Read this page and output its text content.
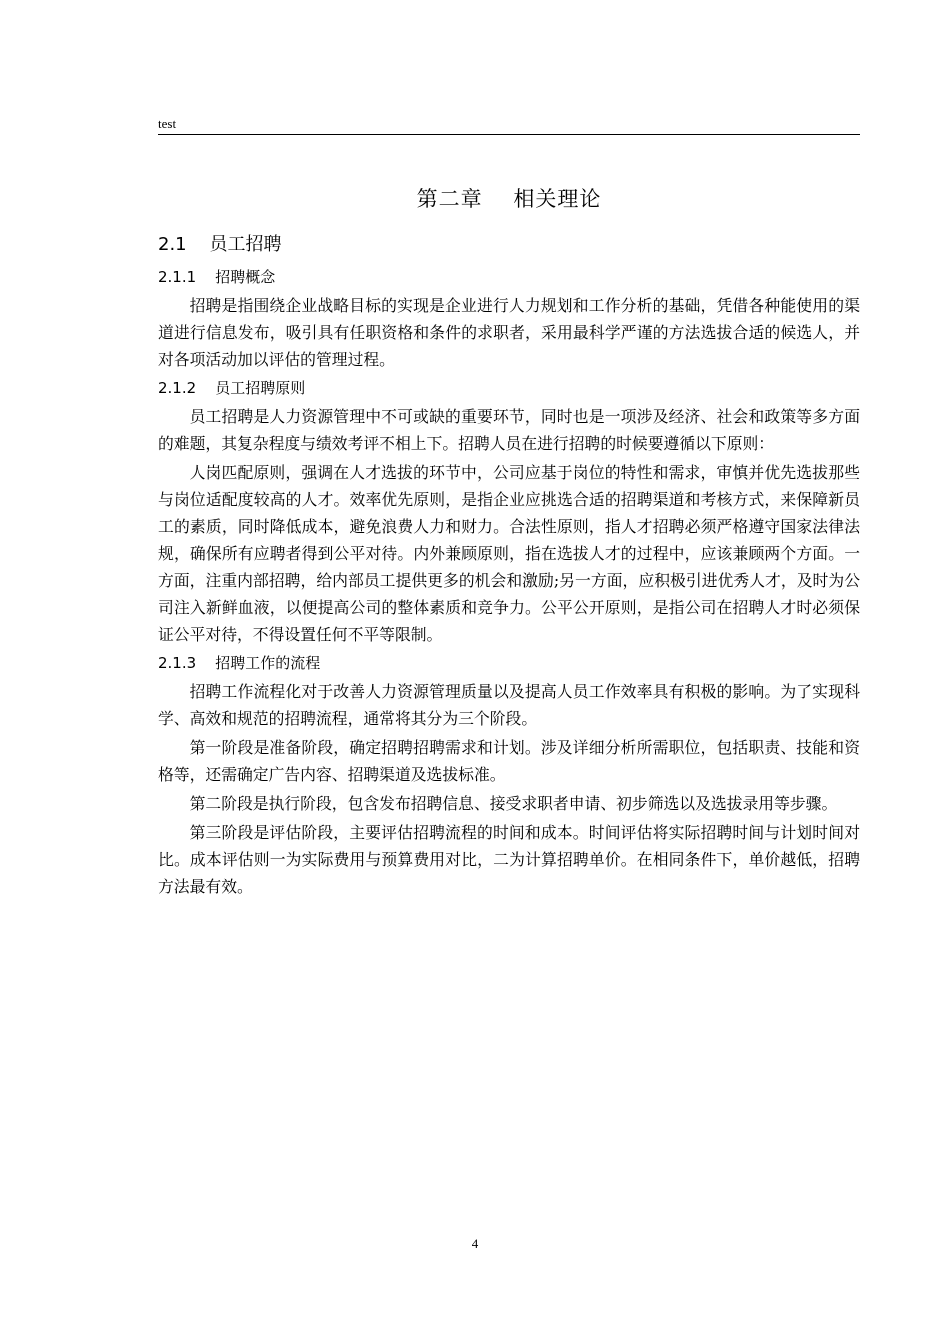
test
第二章    相关理论
2.1    员工招聘
2.1.1    招聘概念

招聘是指围绕企业战略目标的实现是企业进行人力规划和工作分析的基础，凭借各种能使用的渠道进行信息发布，吸引具有任职资格和条件的求职者，采用最科学严谨的方法选拔合适的候选人，并对各项活动加以评估的管理过程。

2.1.2    员工招聘原则

员工招聘是人力资源管理中不可或缺的重要环节，同时也是一项涉及经济、社会和政策等多方面的难题，其复杂程度与绩效考评不相上下。招聘人员在进行招聘的时候要遵循以下原则：

人岗匹配原则，强调在人才选拔的环节中，公司应基于岗位的特性和需求，审慎并优先选拔那些与岗位适配度较高的人才。效率优先原则，是指企业应挑选合适的招聘渠道和考核方式，来保障新员工的素质，同时降低成本，避免浪费人力和财力。合法性原则，指人才招聘必须严格遵守国家法律法规，确保所有应聘者得到公平对待。内外兼顾原则，指在选拔人才的过程中，应该兼顾两个方面。一方面，注重内部招聘，给内部员工提供更多的机会和激励;另一方面，应积极引进优秀人才，及时为公司注入新鲜血液，以便提高公司的整体素质和竞争力。公平公开原则，是指公司在招聘人才时必须保证公平对待，不得设置任何不平等限制。

2.1.3    招聘工作的流程

招聘工作流程化对于改善人力资源管理质量以及提高人员工作效率具有积极的影响。为了实现科学、高效和规范的招聘流程，通常将其分为三个阶段。

第一阶段是准备阶段，确定招聘招聘需求和计划。涉及详细分析所需职位，包括职责、技能和资格等，还需确定广告内容、招聘渠道及选拔标准。

第二阶段是执行阶段，包含发布招聘信息、接受求职者申请、初步筛选以及选拔录用等步骤。

第三阶段是评估阶段，主要评估招聘流程的时间和成本。时间评估将实际招聘时间与计划时间对比。成本评估则一为实际费用与预算费用对比，二为计算招聘单价。在相同条件下，单价越低，招聘方法最有效。

4
